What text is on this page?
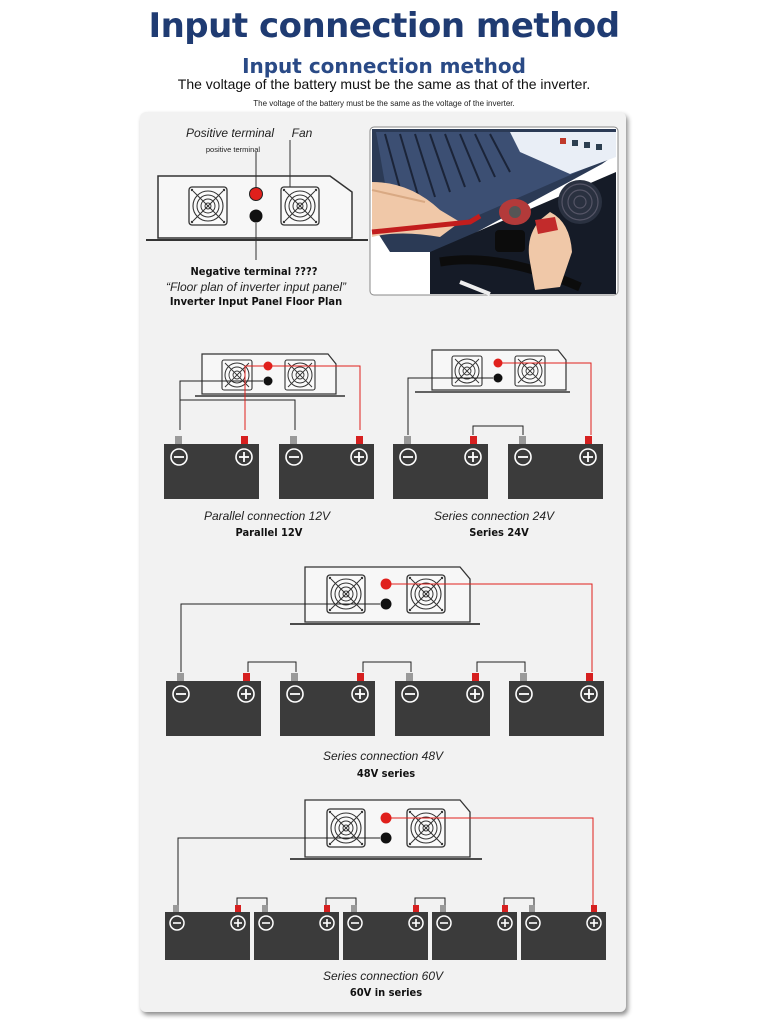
Input connection method
Input connection method
The voltage of the battery must be the same as that of the inverter.
The voltage of the battery must be the same as the voltage of the inverter.
Positive terminal
positive terminal
Fan
Negative terminal ????
“Floor plan of inverter input panel”
Inverter Input Panel Floor Plan
Parallel connection 12V
Parallel 12V
Series connection 24V
Series 24V
Series connection 48V
48V series
Series connection 60V
60V in series
